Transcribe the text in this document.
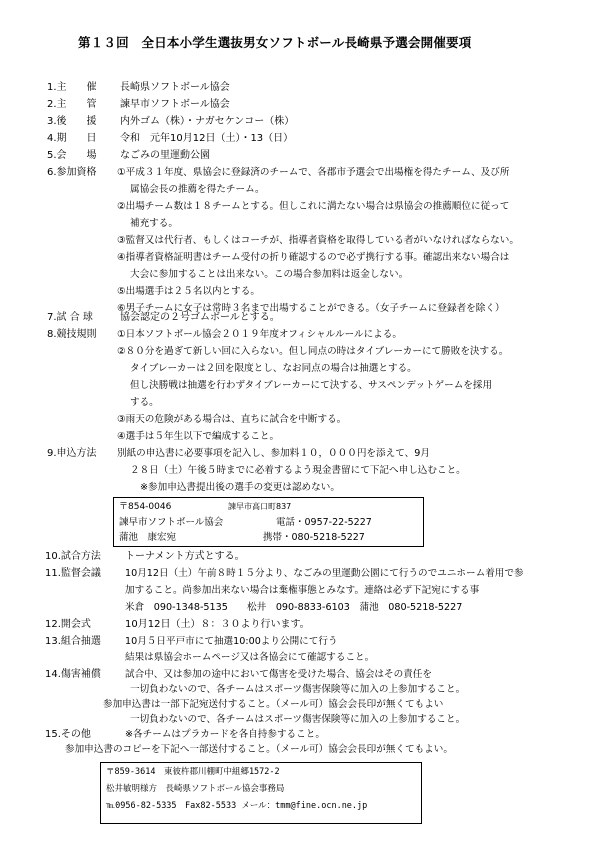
第１３回　全日本小学生選抜男女ソフトボール長崎県予選会開催要項
1.主　　催 長崎県ソフトボール協会
2.主　　管 諫早市ソフトボール協会
3.後　　援 内外ゴム（株）・ナガセケンコー（株）
4.期　　日 令和　元年10月12日（土）・13（日）
5.会　　場 なごみの里運動公園
6.参加資格 ①平成３１年度、県協会に登録済のチームで、各郡市予選会で出場権を得たチーム、及び所
属協会長の推薦を得たチーム。
②出場チーム数は１８チームとする。但しこれに満たない場合は県協会の推薦順位に従って
補充する。
③監督又は代行者、もしくはコーチが、指導者資格を取得している者がいなければならない。
④指導者資格証明書はチーム受付の折り確認するので必ず携行する事。確認出来ない場合は
大会に参加することは出来ない。この場合参加料は返金しない。
⑤出場選手は２５名以内とする。
⑥男子チームに女子は常時３名まで出場することができる。（女子チームに登録者を除く）
7.試 合 球	協会認定の２号ゴムボールとする。
8.競技規則 ①日本ソフトボール協会２０１９年度オフィシャルルールによる。
②８０分を過ぎて新しい回に入らない。但し同点の時はタイブレーカーにて勝敗を決する。
タイブレーカーは２回を限度とし、なお同点の場合は抽選とする。
但し決勝戦は抽選を行わずタイブレーカーにて決する、サスペンデットゲームを採用
する。
③雨天の危険がある場合は、直ちに試合を中断する。
④選手は５年生以下で編成すること。
9.申込方法 別紙の申込書に必要事項を記入し、参加料１０，０００円を添えて、9月
２８日（土）午後５時までに必着するよう現金書留にて下記へ申し込むこと。
※参加申込書提出後の選手の変更は認めない。
〒854-0046	諫早市高口町837
諫早市ソフトボール協会	電話・0957-22-5227
蒲池　康宏宛	携帯・080-5218-5227
10.試合方法 トーナメント方式とする。
11.監督会議	10月12日（土）午前８時１５分より、なごみの里運動公園にて行うのでユニホーム着用で参
加すること。尚参加出来ない場合は棄権事態とみなす。連絡は必ず下記宛にする事
米倉　090-1348-5135　　松井　090-8833-6103　蒲池　080-5218-5227
12.開会式	10月12日（土）８：３０より行います。
13.組合抽選	10月５日平戸市にて抽選10:00より公開にて行う
結果は県協会ホームページ又は各協会にて確認すること。
14.傷害補償	試合中、又は参加の途中において傷害を受けた場合、協会はその責任を
一切負わないので、各チームはスポーツ傷害保険等に加入の上参加すること。
参加申込書は一部下記宛送付すること。（メール可）協会会長印が無くてもよい
一切負わないので、各チームはスポーツ傷害保険等に加入の上参加すること。
15.その他	※各チームはプラカードを各自持参すること。
参加申込書のコピーを下記へ一部送付すること。（メール可）協会会長印が無くてもよい。
〒859-3614　東彼杵郡川棚町中組郷1572-2
松井敏明様方　長崎県ソフトボール協会事務局
℡0956-82-5335　Fax82-5533 メール：tmm@fine.ocn.ne.jp
